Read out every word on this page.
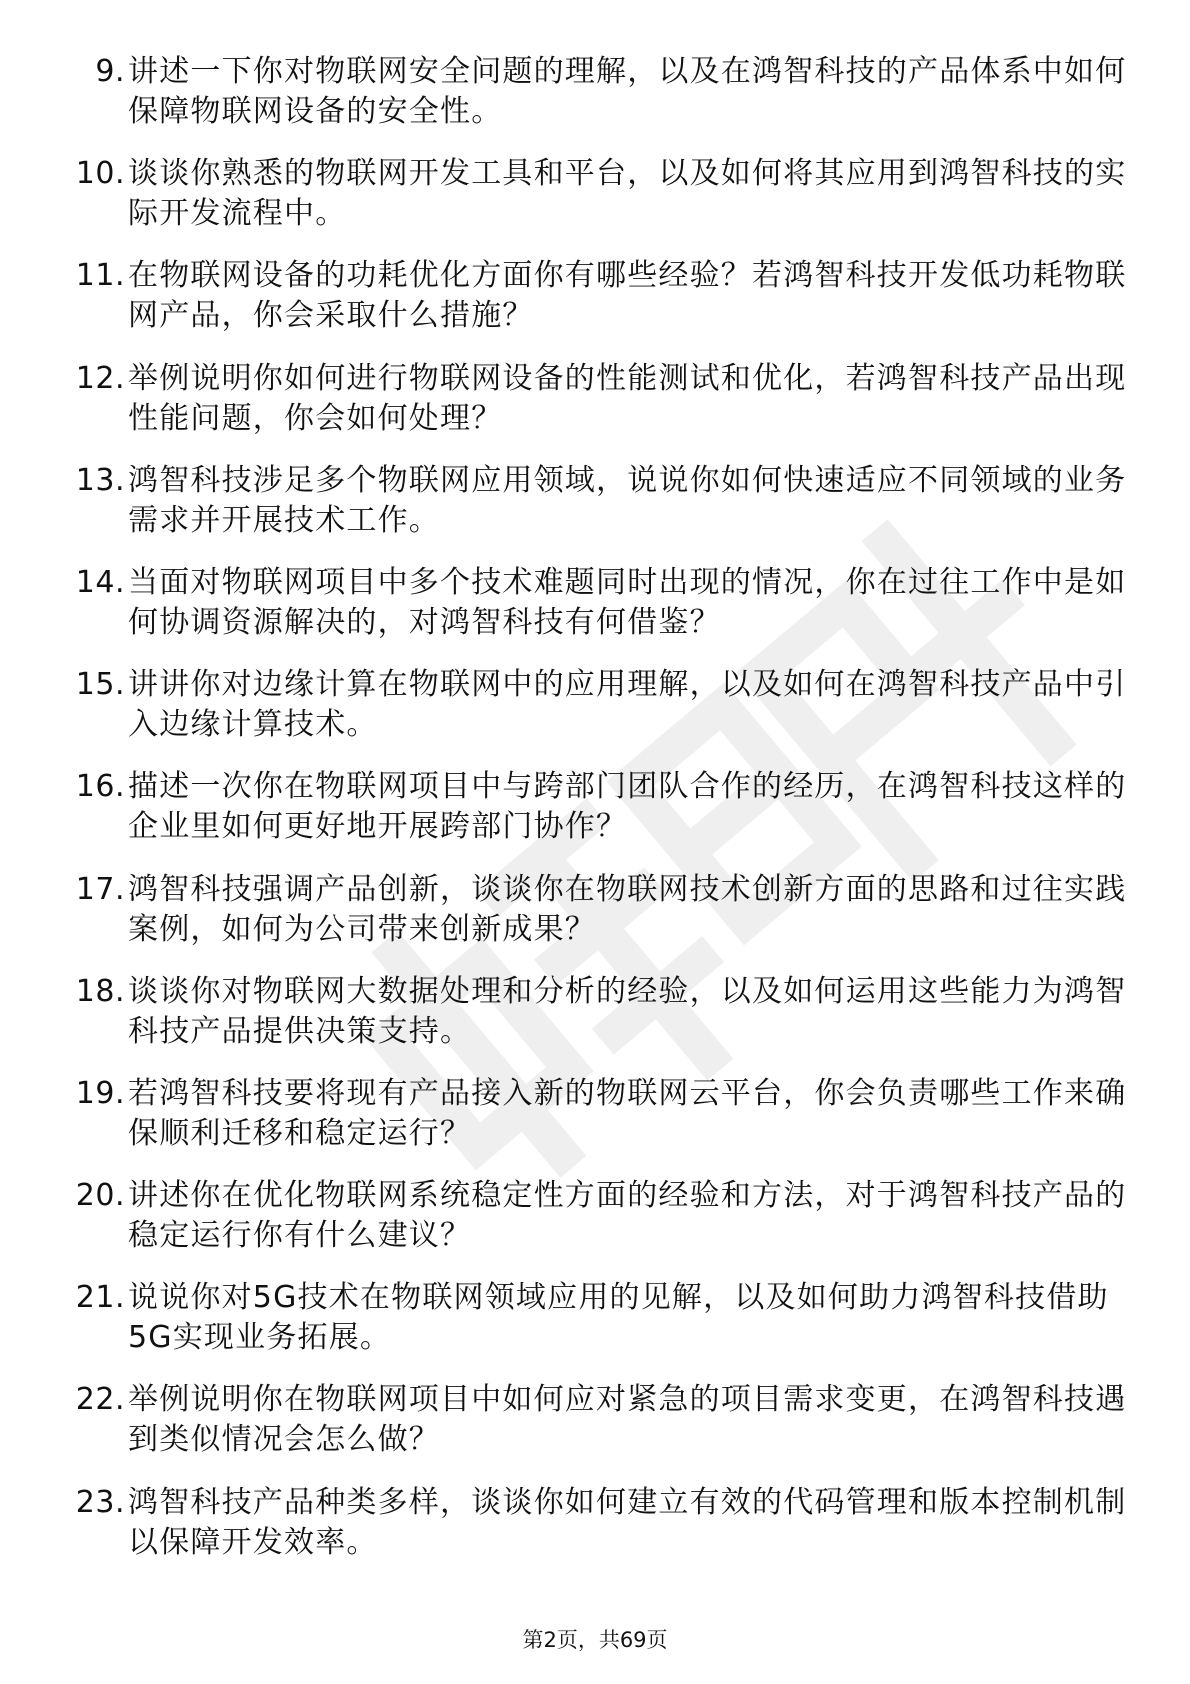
9. 讲述一下你对物联网安全问题的理解，以及在鸿智科技的产品体系中如何保障物联网设备的安全性。
10. 谈谈你熟悉的物联网开发工具和平台，以及如何将其应用到鸿智科技的实际开发流程中。
11. 在物联网设备的功耗优化方面你有哪些经验？若鸿智科技开发低功耗物联网产品，你会采取什么措施？
12. 举例说明你如何进行物联网设备的性能测试和优化，若鸿智科技产品出现性能问题，你会如何处理？
13. 鸿智科技涉足多个物联网应用领域，说说你如何快速适应不同领域的业务需求并开展技术工作。
14. 当面对物联网项目中多个技术难题同时出现的情况，你在过往工作中是如何协调资源解决的，对鸿智科技有何借鉴？
15. 讲讲你对边缘计算在物联网中的应用理解，以及如何在鸿智科技产品中引入边缘计算技术。
16. 描述一次你在物联网项目中与跨部门团队合作的经历，在鸿智科技这样的企业里如何更好地开展跨部门协作？
17. 鸿智科技强调产品创新，谈谈你在物联网技术创新方面的思路和过往实践案例，如何为公司带来创新成果？
18. 谈谈你对物联网大数据处理和分析的经验，以及如何运用这些能力为鸿智科技产品提供决策支持。
19. 若鸿智科技要将现有产品接入新的物联网云平台，你会负责哪些工作来确保顺利迁移和稳定运行？
20. 讲述你在优化物联网系统稳定性方面的经验和方法，对于鸿智科技产品的稳定运行你有什么建议？
21. 说说你对5G技术在物联网领域应用的见解，以及如何助力鸿智科技借助5G实现业务拓展。
22. 举例说明你在物联网项目中如何应对紧急的项目需求变更，在鸿智科技遇到类似情况会怎么做？
23. 鸿智科技产品种类多样，谈谈你如何建立有效的代码管理和版本控制机制以保障开发效率。
第2页，共69页
